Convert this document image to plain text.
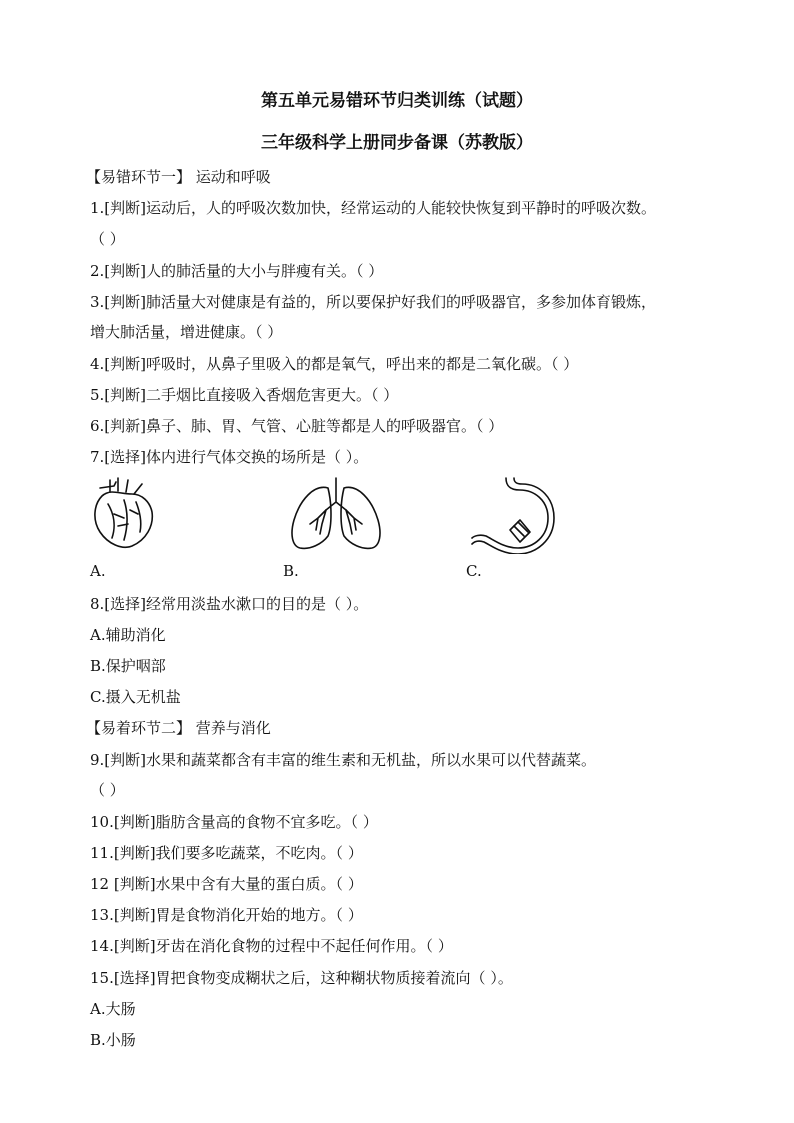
第五单元易错环节归类训练（试题）
三年级科学上册同步备课（苏教版）
【易错环节一】 运动和呼吸
1.[判断]运动后，人的呼吸次数加快，经常运动的人能较快恢复到平静时的呼吸次数。
（ ）
2.[判断]人的肺活量的大小与胖瘦有关。（ ）
3.[判断]肺活量大对健康是有益的，所以要保护好我们的呼吸器官，多参加体育锻炼，
增大肺活量，增进健康。（ ）
4.[判断]呼吸时，从鼻子里吸入的都是氧气，呼出来的都是二氧化碳。（ ）
5.[判断]二手烟比直接吸入香烟危害更大。（ ）
6.[判新]鼻子、肺、胃、气管、心脏等都是人的呼吸器官。（ ）
7.[选择]体内进行气体交换的场所是（ ）。
A.	B.	C.
8.[选择]经常用淡盐水漱口的目的是（ ）。
A.辅助消化
B.保护咽部
C.摄入无机盐
【易着环节二】 营养与消化
9.[判断]水果和蔬菜都含有丰富的维生素和无机盐，所以水果可以代替蔬菜。
（ ）
10.[判断]脂肪含量高的食物不宜多吃。（ ）
11.[判断]我们要多吃蔬菜，不吃肉。（ ）
12 [判断]水果中含有大量的蛋白质。（ ）
13.[判断]胃是食物消化开始的地方。（ ）
14.[判断]牙齿在消化食物的过程中不起任何作用。（ ）
15.[选择]胃把食物变成糊状之后，这种糊状物质接着流向（ ）。
A.大肠
B.小肠
